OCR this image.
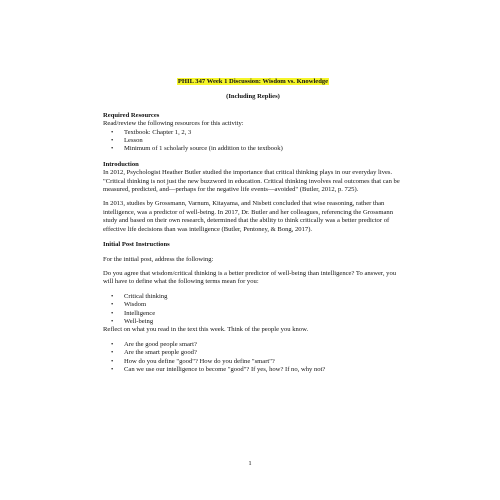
PHIL 347 Week 1 Discussion: Wisdom vs. Knowledge
(Including Replies)
Required Resources
Read/review the following resources for this activity:
• Textbook: Chapter 1, 2, 3
• Lesson
• Minimum of 1 scholarly source (in addition to the textbook)
Introduction
In 2012, Psychologist Heather Butler studied the importance that critical thinking plays in our everyday lives. "Critical thinking is not just the new buzzword in education. Critical thinking involves real outcomes that can be measured, predicted, and—perhaps for the negative life events—avoided" (Butler, 2012, p. 725).
In 2013, studies by Grossmann, Varnum, Kitayama, and Nisbett concluded that wise reasoning, rather than intelligence, was a predictor of well-being. In 2017, Dr. Butler and her colleagues, referencing the Grossmann study and based on their own research, determined that the ability to think critically was a better predictor of effective life decisions than was intelligence (Butler, Pentoney, & Bong, 2017).
Initial Post Instructions
For the initial post, address the following:
Do you agree that wisdom/critical thinking is a better predictor of well-being than intelligence? To answer, you will have to define what the following terms mean for you:
• Critical thinking
• Wisdom
• Intelligence
• Well-being
Reflect on what you read in the text this week. Think of the people you know.
• Are the good people smart?
• Are the smart people good?
• How do you define "good"? How do you define "smart"?
• Can we use our intelligence to become "good"? If yes, how? If no, why not?
1
